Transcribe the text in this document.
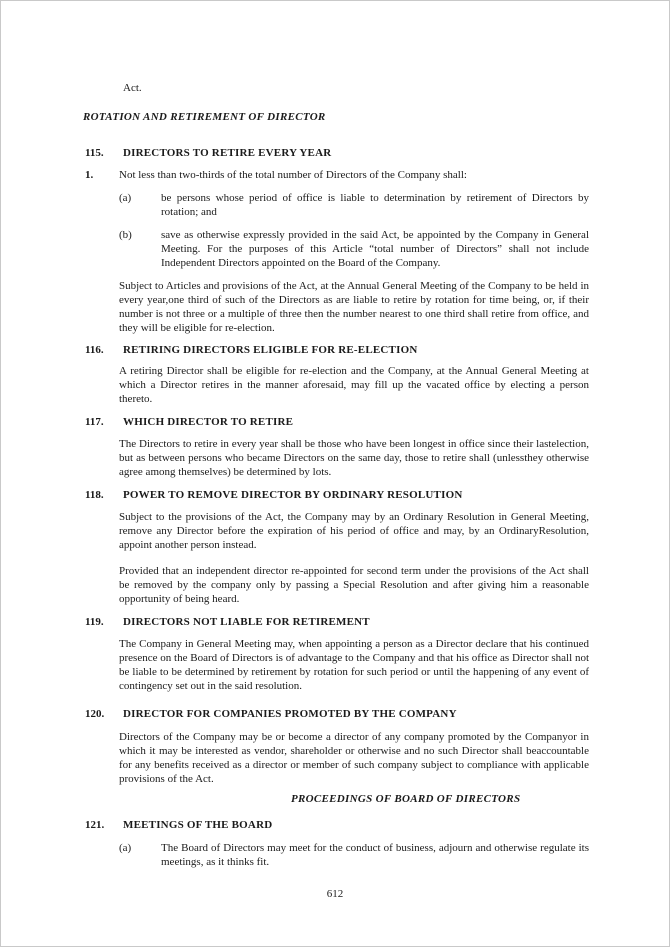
Act.

ROTATION AND RETIREMENT OF DIRECTOR
115.	DIRECTORS TO RETIRE EVERY YEAR
1.	Not less than two-thirds of the total number of Directors of the Company shall:
(a)	be persons whose period of office is liable to determination by retirement of Directors by rotation; and
(b)	save as otherwise expressly provided in the said Act, be appointed by the Company in General Meeting. For the purposes of this Article “total number of Directors” shall not include Independent Directors appointed on the Board of the Company.

Subject to Articles and provisions of the Act, at the Annual General Meeting of the Company to be held in every year,one third of such of the Directors as are liable to retire by rotation for time being, or, if their number is not three or a multiple of three then the number nearest to one third shall retire from office, and they will be eligible for re-election.

116.	RETIRING DIRECTORS ELIGIBLE FOR RE-ELECTION

A retiring Director shall be eligible for re-election and the Company, at the Annual General Meeting at which a Director retires in the manner aforesaid, may fill up the vacated office by electing a person thereto.

117.	WHICH DIRECTOR TO RETIRE

The Directors to retire in every year shall be those who have been longest in office since their lastelection, but as between persons who became Directors on the same day, those to retire shall (unlessthey otherwise agree among themselves) be determined by lots.

118.	POWER TO REMOVE DIRECTOR BY ORDINARY RESOLUTION

Subject to the provisions of the Act, the Company may by an Ordinary Resolution in General Meeting, remove any Director before the expiration of his period of office and may, by an OrdinaryResolution, appoint another person instead.

Provided that an independent director re-appointed for second term under the provisions of the Act shall be removed by the company only by passing a Special Resolution and after giving him a reasonable opportunity of being heard.

119.	DIRECTORS NOT LIABLE FOR RETIREMENT

The Company in General Meeting may, when appointing a person as a Director declare that his continued presence on the Board of Directors is of advantage to the Company and that his office as Director shall not be liable to be determined by retirement by rotation for such period or until the happening of any event of contingency set out in the said resolution.

120.	DIRECTOR FOR COMPANIES PROMOTED BY THE COMPANY

Directors of the Company may be or become a director of any company promoted by the Companyor in which it may be interested as vendor, shareholder or otherwise and no such Director shall beaccountable for any benefits received as a director or member of such company subject to compliance with applicable provisions of the Act.

PROCEEDINGS OF BOARD OF DIRECTORS
121.	MEETINGS OF THE BOARD
(a)	The Board of Directors may meet for the conduct of business, adjourn and otherwise regulate its meetings, as it thinks fit.
612
